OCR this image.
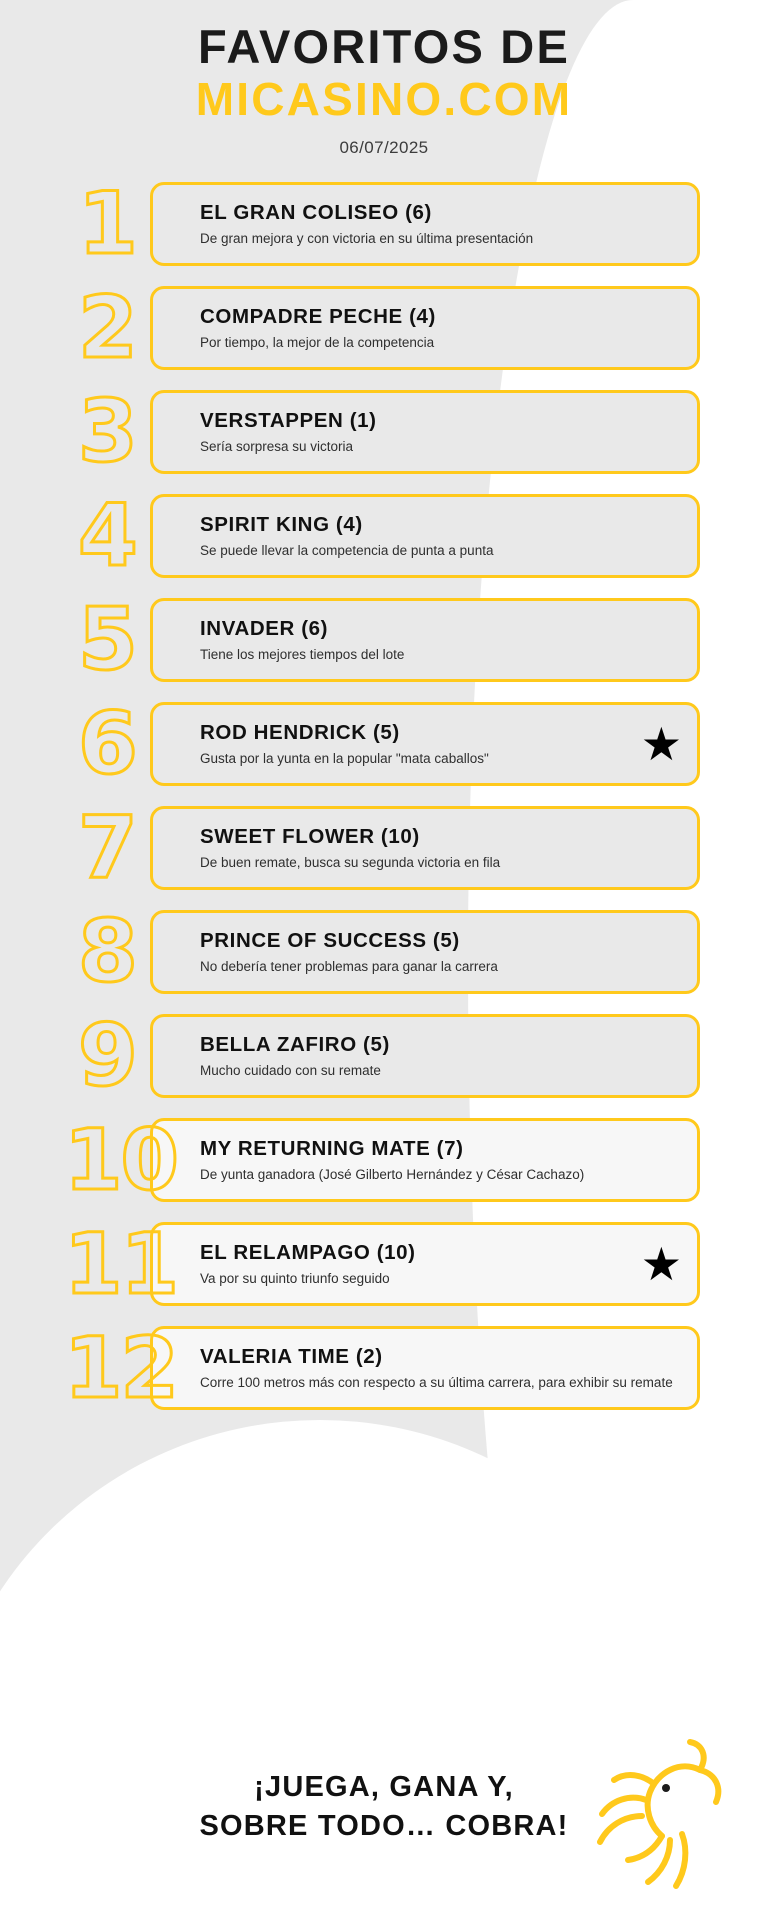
FAVORITOS DE
MICASINO.COM
06/07/2025
1	EL GRAN COLISEO (6)
De gran mejora y con victoria en su última presentación
2	COMPADRE PECHE (4)
Por tiempo, la mejor de la competencia
3	VERSTAPPEN (1)
Sería sorpresa su victoria
4	SPIRIT KING (4)
Se puede llevar la competencia de punta a punta
5	INVADER (6)
Tiene los mejores tiempos del lote
6	ROD HENDRICK (5)
Gusta por la yunta en la popular "mata caballos"	★
7	SWEET FLOWER (10)
De buen remate, busca su segunda victoria en fila
8	PRINCE OF SUCCESS (5)
No debería tener problemas para ganar la carrera
9	BELLA ZAFIRO (5)
Mucho cuidado con su remate
10 MY RETURNING MATE (7)
De yunta ganadora (José Gilberto Hernández y César Cachazo)
11 EL RELAMPAGO (10)
Va por su quinto triunfo seguido	★
12 VALERIA TIME (2)
Corre 100 metros más con respecto a su última carrera, para exhibir su remate
¡JUEGA, GANA Y,
SOBRE TODO… COBRA!
